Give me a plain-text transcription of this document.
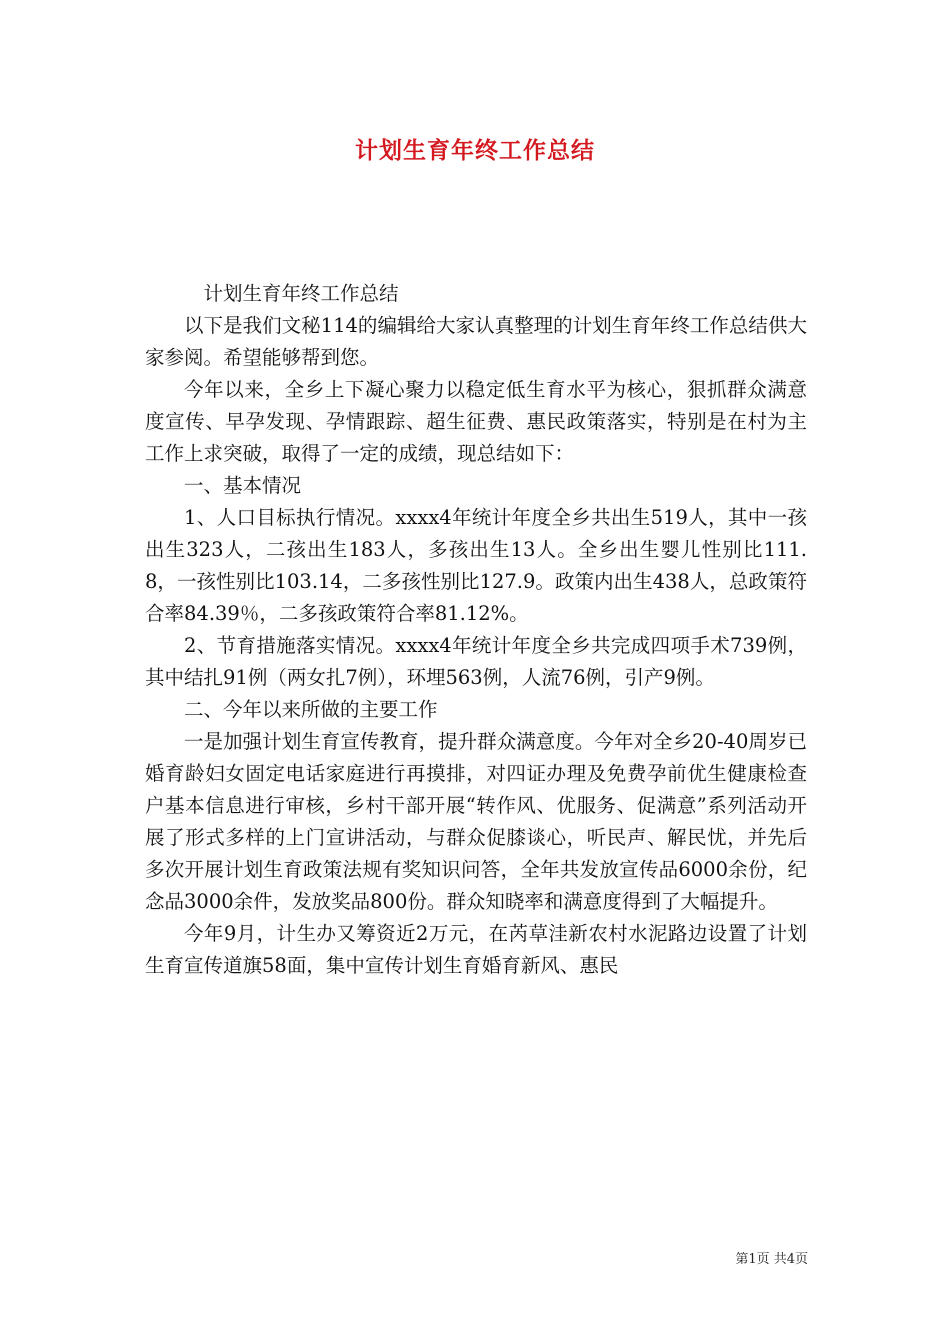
计划生育年终工作总结

计划生育年终工作总结

以下是我们文秘114的编辑给大家认真整理的计划生育年终工作总结供大家参阅。希望能够帮到您。

今年以来，全乡上下凝心聚力以稳定低生育水平为核心，狠抓群众满意度宣传、早孕发现、孕情跟踪、超生征费、惠民政策落实，特别是在村为主工作上求突破，取得了一定的成绩，现总结如下：

一、基本情况

1、人口目标执行情况。xxxx4年统计年度全乡共出生519人，其中一孩出生323人，二孩出生183人，多孩出生13人。全乡出生婴儿性别比111.8，一孩性别比103.14，二多孩性别比127.9。政策内出生438人，总政策符合率84.39％，二多孩政策符合率81.12%。

2、节育措施落实情况。xxxx4年统计年度全乡共完成四项手术739例，其中结扎91例（两女扎7例），环埋563例，人流76例，引产9例。

二、今年以来所做的主要工作

一是加强计划生育宣传教育，提升群众满意度。今年对全乡20-40周岁已婚育龄妇女固定电话家庭进行再摸排，对四证办理及免费孕前优生健康检查户基本信息进行审核，乡村干部开展“转作风、优服务、促满意”系列活动开展了形式多样的上门宣讲活动，与群众促膝谈心，听民声、解民忧，并先后多次开展计划生育政策法规有奖知识问答，全年共发放宣传品6000余份，纪念品3000余件，发放奖品800份。群众知晓率和满意度得到了大幅提升。

今年9月，计生办又筹资近2万元，在芮草洼新农村水泥路边设置了计划生育宣传道旗58面，集中宣传计划生育婚育新风、惠民

第1页 共4页
